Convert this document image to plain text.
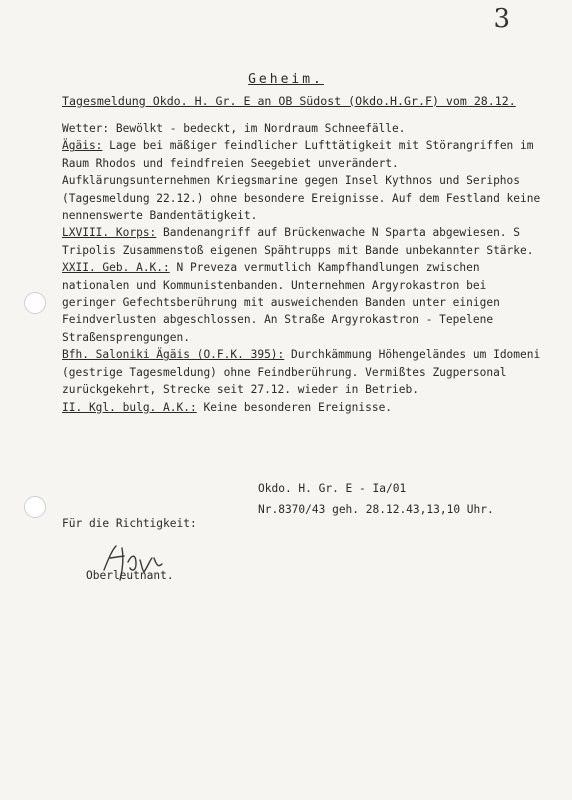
3
Geheim.
Tagesmeldung Okdo. H. Gr. E an OB Südost (Okdo.H.Gr.F) vom 28.12.

Wetter: Bewölkt - bedeckt, im Nordraum Schneefälle.

Ägäis: Lage bei mäßiger feindlicher Lufttätigkeit mit Störangriffen im Raum Rhodos und feindfreien Seegebiet unverändert. Aufklärungsunternehmen Kriegsmarine gegen Insel Kythnos und Seriphos (Tagesmeldung 22.12.) ohne besondere Ereignisse. Auf dem Festland keine nennenswerte Bandentätigkeit.

LXVIII. Korps: Bandenangriff auf Brückenwache N Sparta abgewiesen. S Tripolis Zusammenstoß eigenen Spähtrupps mit Bande unbekannter Stärke.

XXII. Geb. A.K.: N Preveza vermutlich Kampfhandlungen zwischen nationalen und Kommunistenbanden. Unternehmen Argyrokastron bei geringer Gefechtsberührung mit ausweichenden Banden unter einigen Feindverlusten abgeschlossen. An Straße Argyrokastron - Tepelene Straßensprengungen.

Bfh. Saloniki Ägäis (O.F.K. 395): Durchkämmung Höhengeländes um Idomeni (gestrige Tagesmeldung) ohne Feindberührung. Vermißtes Zugpersonal zurückgekehrt, Strecke seit 27.12. wieder in Betrieb.

II. Kgl. bulg. A.K.: Keine besonderen Ereignisse.

Okdo. H. Gr. E - Ia/01
Nr.8370/43 geh. 28.12.43,13,10 Uhr.
Für die Richtigkeit:
Oberleutnant.
